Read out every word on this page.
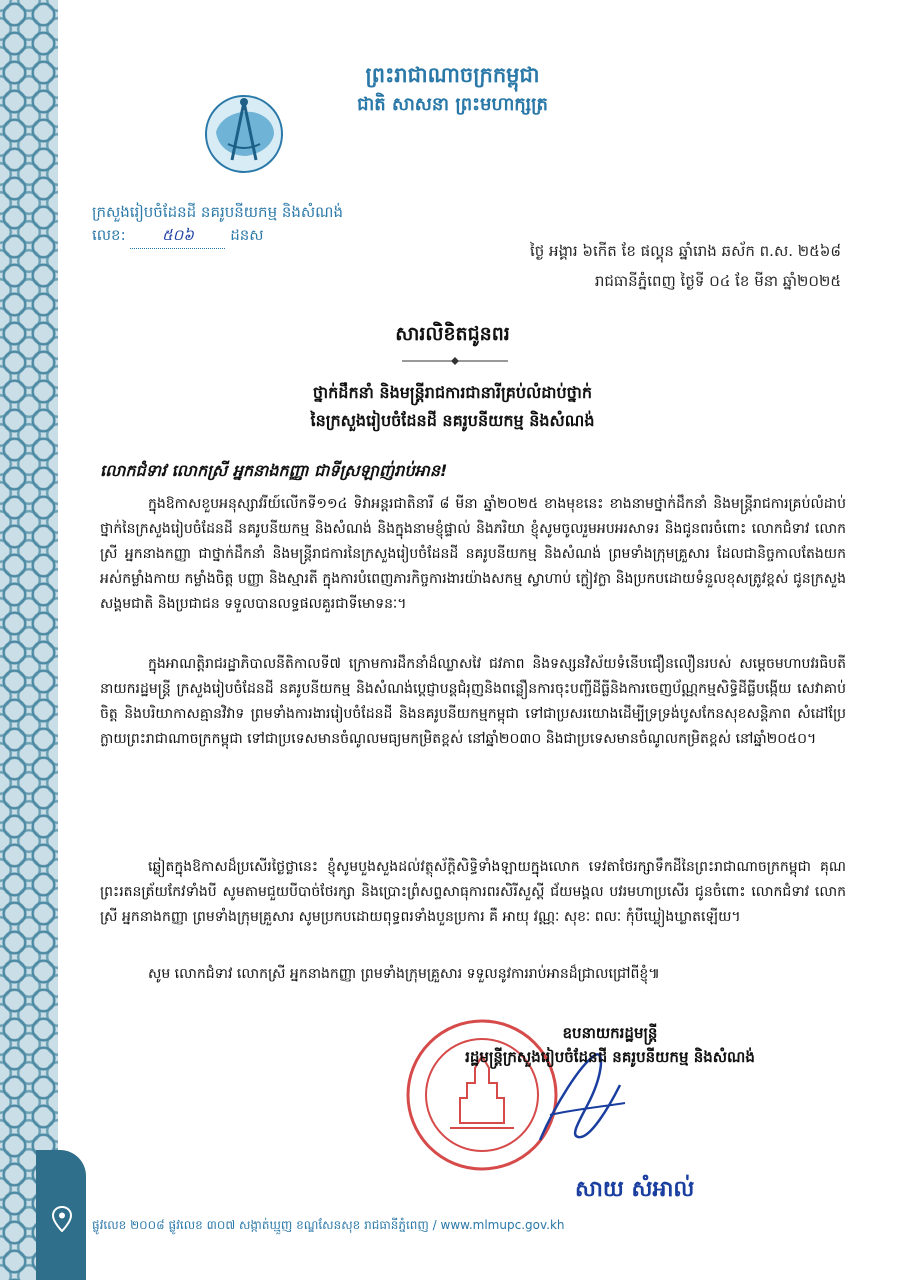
ព្រះរាជាណាចក្រកម្ពុជា
ជាតិ សាសនា ព្រះមហាក្សត្រ
ក្រសួងរៀបចំដែនដី នគរូបនីយកម្ម និងសំណង់
លេខ: ៥០៦ ដនស
ថ្ងៃ អង្គារ ៦កើត ខែ ផល្គុន ឆ្នាំរោង ឆស័ក ព.ស. ២៥៦៨
រាជធានីភ្នំពេញ ថ្ងៃទី ០៤ ខែ មីនា ឆ្នាំ២០២៥
សារលិខិតជូនពរ
ថ្នាក់ដឹកនាំ និងមន្ត្រីរាជការជានារីគ្រប់លំដាប់ថ្នាក់
នៃក្រសួងរៀបចំដែនដី នគរូបនីយកម្ម និងសំណង់
លោកជំទាវ លោកស្រី អ្នកនាងកញ្ញា ជាទីស្រឡាញ់រាប់អាន!
ក្នុងឱកាសខួបអនុស្សាវរីយ៍លើកទី១១៤ ទិវាអន្តរជាតិនារី ៨ មីនា ឆ្នាំ២០២៥ ខាងមុខនេះ ខាងនាមថ្នាក់ដឹកនាំ និងមន្ត្រីរាជការគ្រប់លំដាប់ថ្នាក់នៃក្រសួងរៀបចំដែនដី នគរូបនីយកម្ម និងសំណង់ និងក្នុងនាមខ្ញុំផ្ទាល់ និងភរិយា ខ្ញុំសូមចូលរួមអបអរសាទរ និងជូនពរចំពោះ លោកជំទាវ លោកស្រី អ្នកនាងកញ្ញា ជាថ្នាក់ដឹកនាំ និងមន្ត្រីរាជការនៃក្រសួងរៀបចំដែនដី នគរូបនីយកម្ម និងសំណង់ ព្រមទាំងក្រុមគ្រួសារ ដែលជានិច្ចកាលតែងយកអស់កម្លាំងកាយ កម្លាំងចិត្ត បញ្ញា និងស្មារតី ក្នុងការបំពេញភារកិច្ចការងារយ៉ាងសកម្ម ស្វាហាប់ ក្លៀវក្លា និងប្រកបដោយទំនួលខុសត្រូវខ្ពស់ ជូនក្រសួង សង្គមជាតិ និងប្រជាជន ទទួលបានលទ្ធផលគួរជាទីមោទនៈ។
ក្នុងអាណត្តិរាជរដ្ឋាភិបាលនីតិកាលទី៧ ក្រោមការដឹកនាំដ៏ឈ្លាសវៃ ជវភាព និងទស្សនវិស័យទំនើបជឿនលឿនរបស់ សម្តេចមហាបវរធិបតី នាយករដ្ឋមន្ត្រី ក្រសួងរៀបចំដែនដី នគរូបនីយកម្ម និងសំណង់ប្តេជ្ញាបន្តជំរុញនិងពន្លឿនការចុះបញ្ជីដីធ្លីនិងការចេញប័ណ្ណកម្មសិទ្ធិដីធ្លីបង្កើយ សេវាគាប់ចិត្ត និងបរិយាកាសគ្មានវិវាទ ព្រមទាំងការងាររៀបចំដែនដី និងនគរូបនីយកម្មកម្ពុជា ទៅជាប្រសរយោងដើម្បីទ្រទ្រង់បូសកែនសុខសន្តិភាព សំដៅប្រែក្លាយព្រះរាជាណាចក្រកម្ពុជា ទៅជាប្រទេសមានចំណូលមធ្យមកម្រិតខ្ពស់ នៅឆ្នាំ២០៣០ និងជាប្រទេសមានចំណូលកម្រិតខ្ពស់ នៅឆ្នាំ២០៥០។
ឆ្លៀតក្នុងឱកាសដ៏ប្រសើរថ្ងៃថ្លានេះ ខ្ញុំសូមបួងសួងដល់វត្ថុស័ក្តិសិទ្ធិទាំងឡាយក្នុងលោក ទេវតាថែរក្សាទឹកដីនៃព្រះរាជាណាចក្រកម្ពុជា គុណព្រះរតនត្រ័យកែវទាំងបី សូមតាមជួយបីបាច់ថែរក្សា និងប្រោះព្រំសព្ទសាធុការពរសិរីសួស្តី ជ័យមង្គល បវរមហាប្រសើរ ជូនចំពោះ លោកជំទាវ លោកស្រី អ្នកនាងកញ្ញា ព្រមទាំងក្រុមគ្រួសារ សូមប្រកបដោយពុទ្ធពរទាំងបួនប្រការ គឺ អាយុ វណ្ណៈ សុខៈ ពលៈ កុំបីឃ្លៀងឃ្លាតឡើយ។
សូម លោកជំទាវ លោកស្រី អ្នកនាងកញ្ញា ព្រមទាំងក្រុមគ្រួសារ ទទួលនូវការរាប់អានដ៏ជ្រាលជ្រៅពីខ្ញុំ៕
ឧបនាយករដ្ឋមន្ត្រី
រដ្ឋមន្ត្រីក្រសួងរៀបចំដែនដី នគរូបនីយកម្ម និងសំណង់
សាយ សំអាល់
ផ្លូវលេខ ២០០៨ ផ្លូវលេខ ៣០៧ សង្កាត់ឃ្មួញ ខណ្ឌសែនសុខ រាជធានីភ្នំពេញ / www.mlmupc.gov.kh
